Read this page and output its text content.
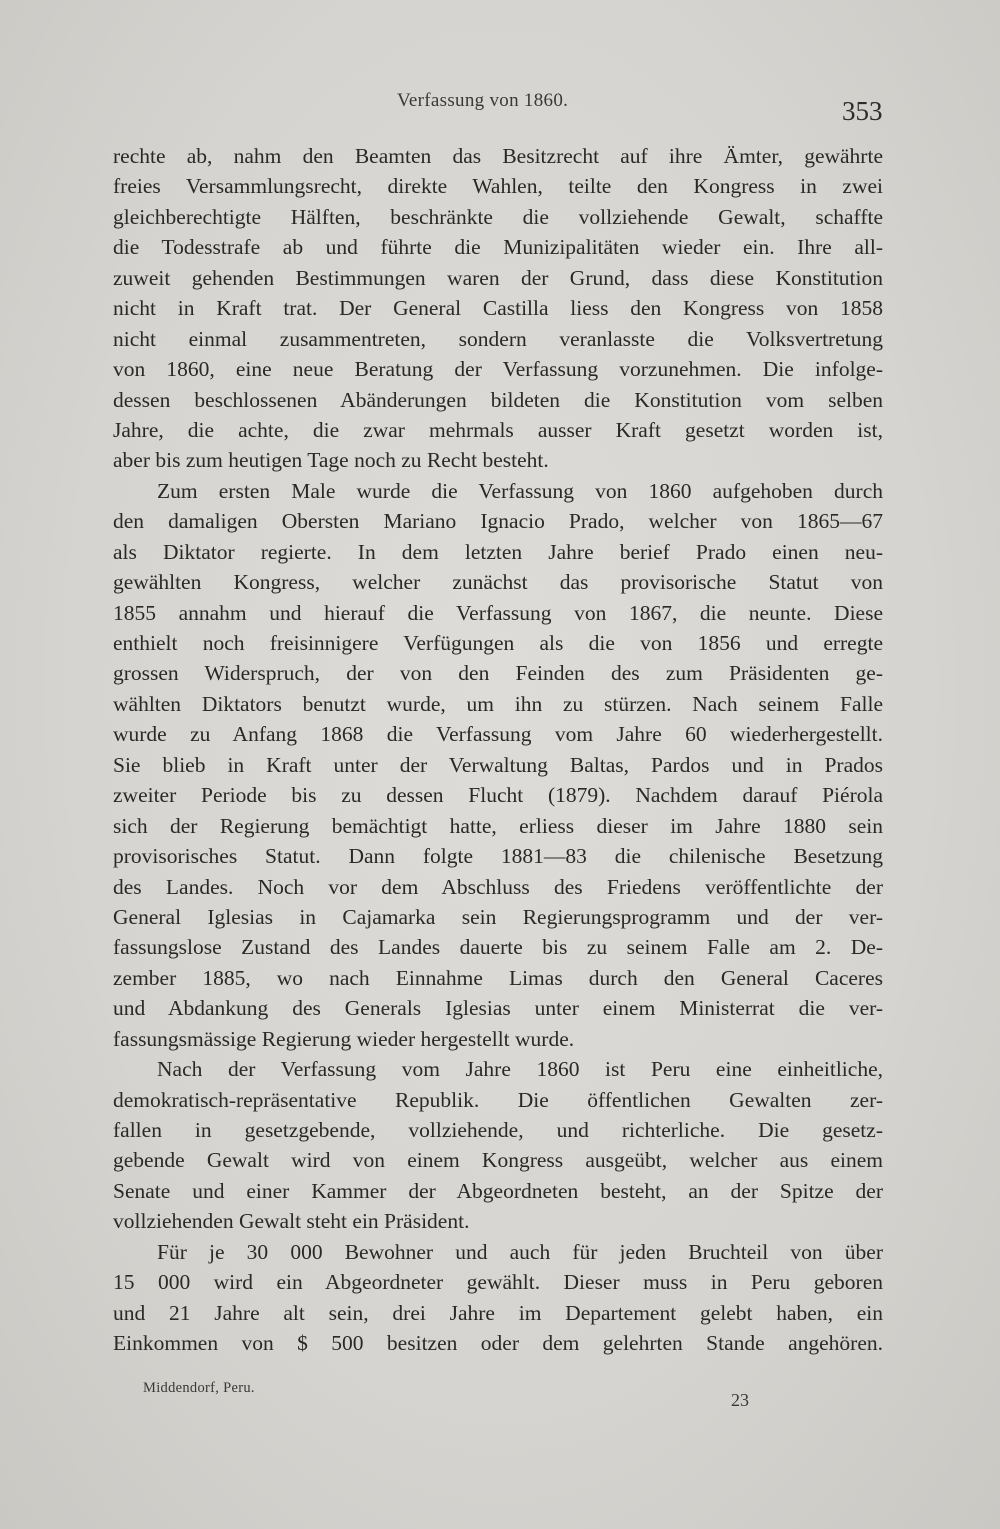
Verfassung von 1860.	353
rechte ab, nahm den Beamten das Besitzrecht auf ihre Ämter, gewährte
freies Versammlungsrecht, direkte Wahlen, teilte den Kongress in zwei
gleichberechtigte Hälften, beschränkte die vollziehende Gewalt, schaffte
die Todesstrafe ab und führte die Munizipalitäten wieder ein. Ihre all-
zuweit gehenden Bestimmungen waren der Grund, dass diese Konstitution
nicht in Kraft trat. Der General Castilla liess den Kongress von 1858
nicht einmal zusammentreten, sondern veranlasste die Volksvertretung
von 1860, eine neue Beratung der Verfassung vorzunehmen. Die infolge-
dessen beschlossenen Abänderungen bildeten die Konstitution vom selben
Jahre, die achte, die zwar mehrmals ausser Kraft gesetzt worden ist,
aber bis zum heutigen Tage noch zu Recht besteht.
Zum ersten Male wurde die Verfassung von 1860 aufgehoben durch
den damaligen Obersten Mariano Ignacio Prado, welcher von 1865—67
als Diktator regierte. In dem letzten Jahre berief Prado einen neu-
gewählten Kongress, welcher zunächst das provisorische Statut von
1855 annahm und hierauf die Verfassung von 1867, die neunte. Diese
enthielt noch freisinnigere Verfügungen als die von 1856 und erregte
grossen Widerspruch, der von den Feinden des zum Präsidenten ge-
wählten Diktators benutzt wurde, um ihn zu stürzen. Nach seinem Falle
wurde zu Anfang 1868 die Verfassung vom Jahre 60 wiederhergestellt.
Sie blieb in Kraft unter der Verwaltung Baltas, Pardos und in Prados
zweiter Periode bis zu dessen Flucht (1879). Nachdem darauf Piérola
sich der Regierung bemächtigt hatte, erliess dieser im Jahre 1880 sein
provisorisches Statut. Dann folgte 1881—83 die chilenische Besetzung
des Landes. Noch vor dem Abschluss des Friedens veröffentlichte der
General Iglesias in Cajamarka sein Regierungsprogramm und der ver-
fassungslose Zustand des Landes dauerte bis zu seinem Falle am 2. De-
zember 1885, wo nach Einnahme Limas durch den General Caceres
und Abdankung des Generals Iglesias unter einem Ministerrat die ver-
fassungsmässige Regierung wieder hergestellt wurde.
Nach der Verfassung vom Jahre 1860 ist Peru eine einheitliche,
demokratisch-repräsentative Republik. Die öffentlichen Gewalten zer-
fallen in gesetzgebende, vollziehende, und richterliche. Die gesetz-
gebende Gewalt wird von einem Kongress ausgeübt, welcher aus einem
Senate und einer Kammer der Abgeordneten besteht, an der Spitze der
vollziehenden Gewalt steht ein Präsident.
Für je 30 000 Bewohner und auch für jeden Bruchteil von über
15 000 wird ein Abgeordneter gewählt. Dieser muss in Peru geboren
und 21 Jahre alt sein, drei Jahre im Departement gelebt haben, ein
Einkommen von $ 500 besitzen oder dem gelehrten Stande angehören.
Middendorf, Peru.
23
